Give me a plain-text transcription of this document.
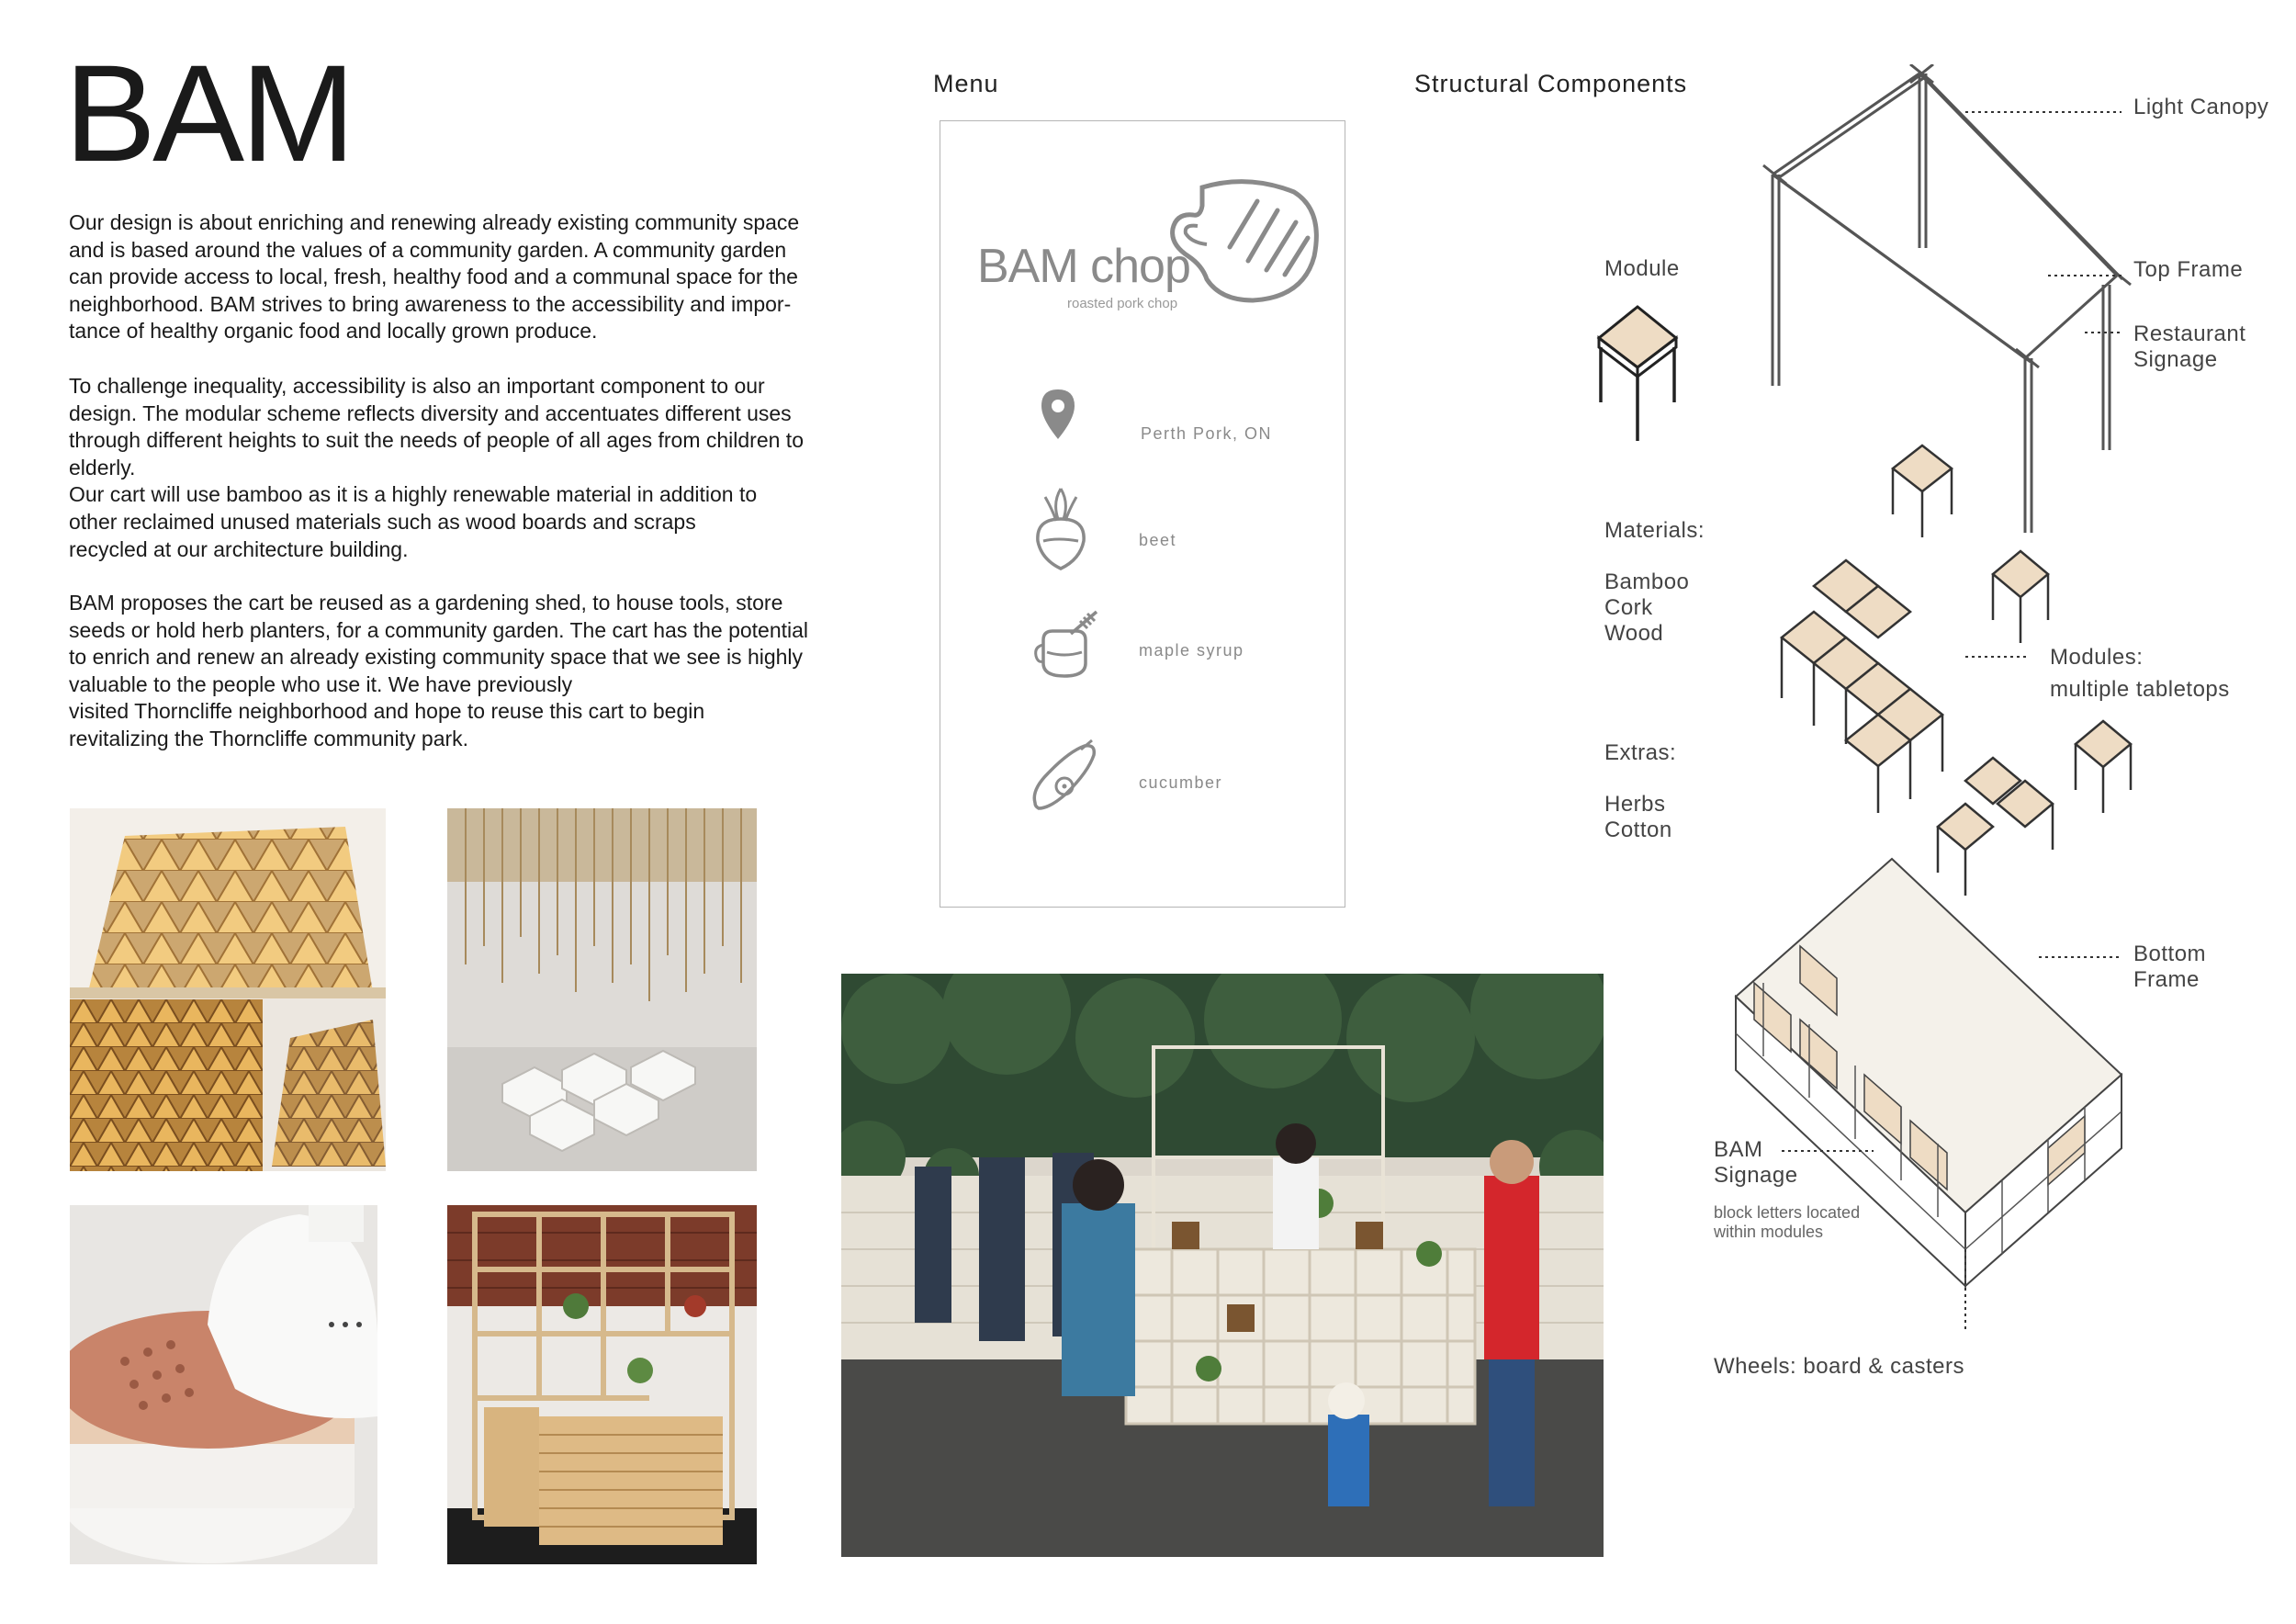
BAM
Our design is about enriching and renewing already existing community space
and is based around the values of a community garden. A community garden
can provide access to local, fresh, healthy food and a communal space for the
neighborhood. BAM strives to bring awareness to the accessibility and impor-
tance of healthy organic food and locally grown produce.
To challenge inequality, accessibility is also an important component to our
design. The modular scheme reflects diversity and accentuates different uses
through different heights to suit the needs of people of all ages from children to
elderly.
Our cart will use bamboo as it is a highly renewable material in addition to
other reclaimed unused materials such as wood boards and scraps
recycled at our architecture building.
BAM proposes the cart be reused as a gardening shed, to house tools, store
seeds or hold herb planters, for a community garden. The cart has the potential
to enrich and renew an already existing community space that we see is highly
valuable to the people who use it. We have previously
visited Thorncliffe neighborhood and hope to reuse this cart to begin
revitalizing the Thorncliffe community park.
Menu
BAM chop
roasted pork chop
Perth Pork, ON
beet
maple syrup
cucumber
Structural Components
Module
Materials:
Bamboo
Cork
Wood
Extras:
Herbs
Cotton
Light Canopy
Top Frame
Restaurant
Signage
Modules:
multiple tabletops
Bottom
Frame
BAM
Signage
block letters located
within modules
Wheels: board & casters
